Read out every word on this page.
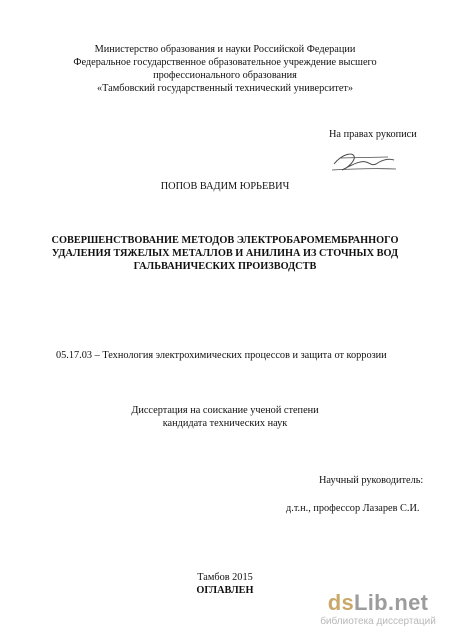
Министерство образования и науки Российской Федерации
Федеральное государственное образовательное учреждение высшего
профессионального образования
«Тамбовский государственный технический университет»
На правах рукописи
ПОПОВ ВАДИМ ЮРЬЕВИЧ
СОВЕРШЕНСТВОВАНИЕ МЕТОДОВ ЭЛЕКТРОБАРОМЕМБРАННОГО
УДАЛЕНИЯ ТЯЖЕЛЫХ МЕТАЛЛОВ И АНИЛИНА ИЗ СТОЧНЫХ ВОД
ГАЛЬВАНИЧЕСКИХ ПРОИЗВОДСТВ
05.17.03 – Технология электрохимических процессов и защита от коррозии
Диссертация на соискание ученой степени
кандидата технических наук
Научный руководитель:
д.т.н., профессор Лазарев С.И.
Тамбов 2015
ОГЛАВЛЕН	dsLib.net
библиотека диссертаций
